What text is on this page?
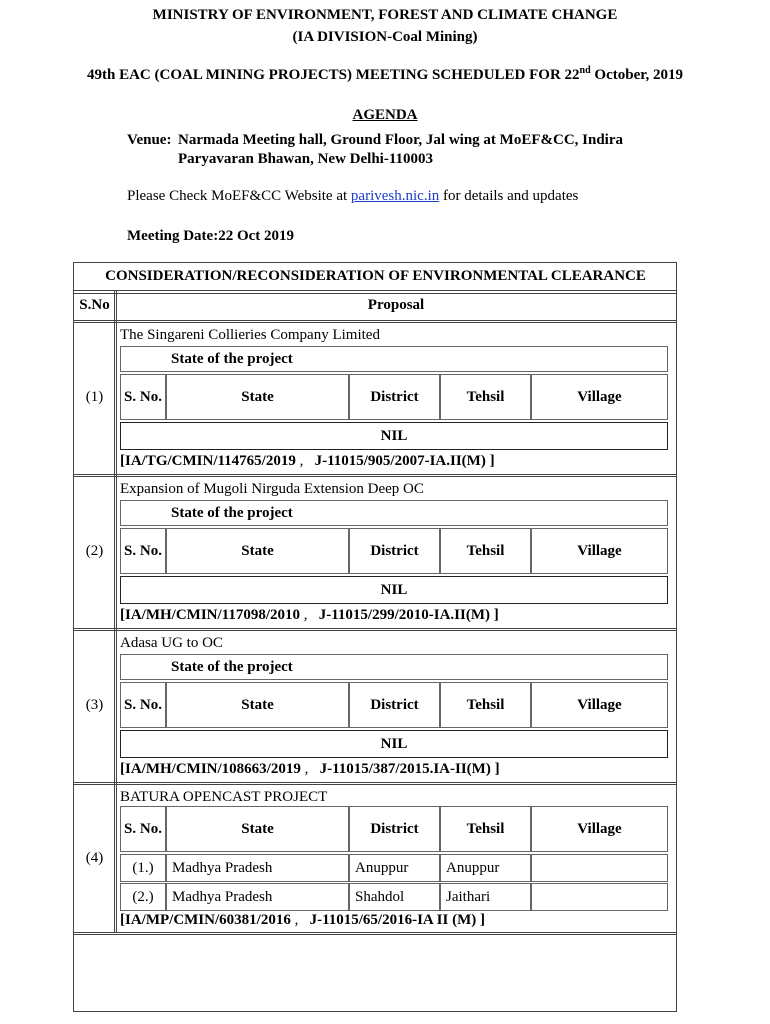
MINISTRY OF ENVIRONMENT, FOREST AND CLIMATE CHANGE
(IA DIVISION-Coal Mining)
49th EAC (COAL MINING PROJECTS) MEETING SCHEDULED FOR 22nd October, 2019
AGENDA
Venue: Narmada Meeting hall, Ground Floor, Jal wing at MoEF&CC, Indira
Paryavaran Bhawan, New Delhi-110003
Please Check MoEF&CC Website at parivesh.nic.in for details and updates
Meeting Date:22 Oct 2019
CONSIDERATION/RECONSIDERATION OF ENVIRONMENTAL CLEARANCE
S.No	Proposal
(1)
The Singareni Collieries Company Limited
State of the project
S. No.	State	District	Tehsil	Village
NIL
[IA/TG/CMIN/114765/2019 ,   J-11015/905/2007-IA.II(M) ]
(2)
Expansion of Mugoli Nirguda Extension Deep OC
State of the project
S. No.	State	District	Tehsil	Village
NIL
[IA/MH/CMIN/117098/2010 ,   J-11015/299/2010-IA.II(M) ]
(3)
Adasa UG to OC
State of the project
S. No.	State	District	Tehsil	Village
NIL
[IA/MH/CMIN/108663/2019 ,   J-11015/387/2015.IA-II(M) ]
(4)
BATURA OPENCAST PROJECT
S. No.	State	District	Tehsil	Village
(1.)	Madhya Pradesh	Anuppur	Anuppur
(2.)	Madhya Pradesh	Shahdol	Jaithari
[IA/MP/CMIN/60381/2016 ,   J-11015/65/2016-IA II (M) ]
